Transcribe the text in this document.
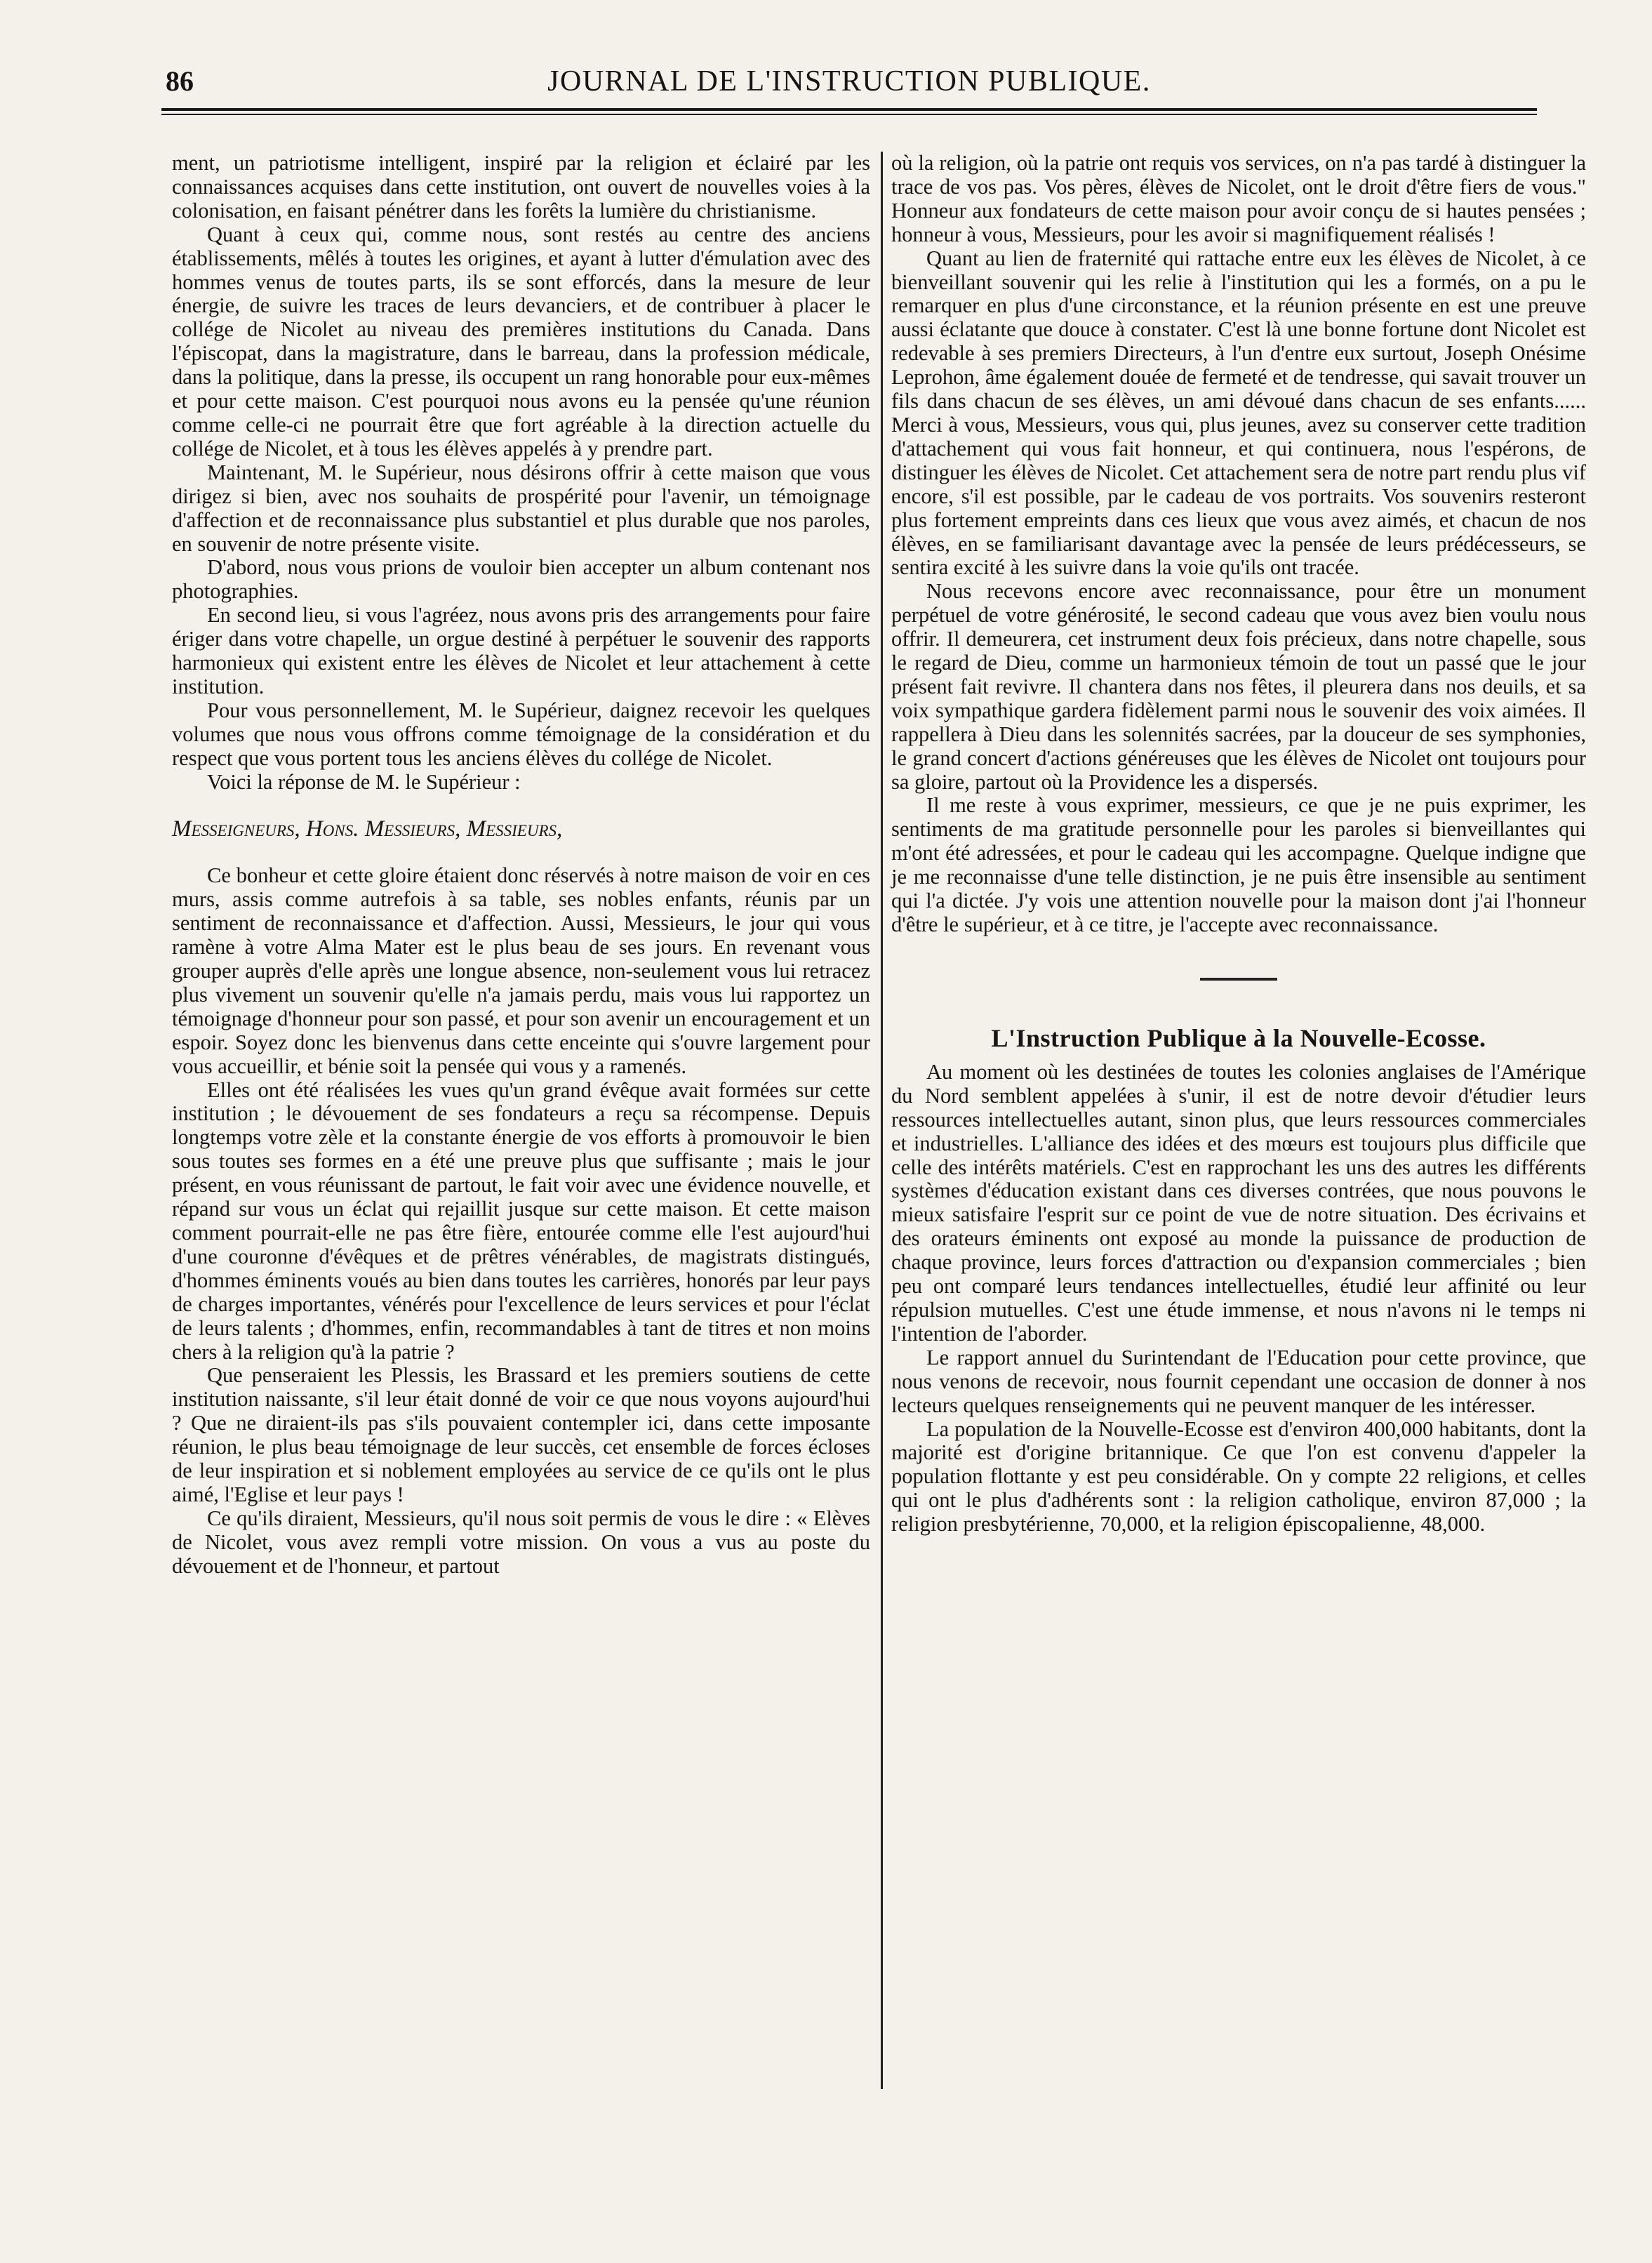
86	JOURNAL DE L'INSTRUCTION PUBLIQUE.

ment, un patriotisme intelligent, inspiré par la religion et éclairé par les connaissances acquises dans cette institution, ont ouvert de nouvelles voies à la colonisation, en faisant pénétrer dans les forêts la lumière du christianisme.

Quant à ceux qui, comme nous, sont restés au centre des anciens établissements, mêlés à toutes les origines, et ayant à lutter d'émulation avec des hommes venus de toutes parts, ils se sont efforcés, dans la mesure de leur énergie, de suivre les traces de leurs devanciers, et de contribuer à placer le collége de Nicolet au niveau des premières institutions du Canada. Dans l'épiscopat, dans la magistrature, dans le barreau, dans la profession médicale, dans la politique, dans la presse, ils occupent un rang honorable pour eux-mêmes et pour cette maison. C'est pourquoi nous avons eu la pensée qu'une réunion comme celle-ci ne pourrait être que fort agréable à la direction actuelle du collége de Nicolet, et à tous les élèves appelés à y prendre part.

Maintenant, M. le Supérieur, nous désirons offrir à cette maison que vous dirigez si bien, avec nos souhaits de prospérité pour l'avenir, un témoignage d'affection et de reconnaissance plus substantiel et plus durable que nos paroles, en souvenir de notre présente visite.

D'abord, nous vous prions de vouloir bien accepter un album contenant nos photographies.

En second lieu, si vous l'agréez, nous avons pris des arrangements pour faire ériger dans votre chapelle, un orgue destiné à perpétuer le souvenir des rapports harmonieux qui existent entre les élèves de Nicolet et leur attachement à cette institution.

Pour vous personnellement, M. le Supérieur, daignez recevoir les quelques volumes que nous vous offrons comme témoignage de la considération et du respect que vous portent tous les anciens élèves du collége de Nicolet.

Voici la réponse de M. le Supérieur :

Messeigneurs, Hons. Messieurs, Messieurs,

Ce bonheur et cette gloire étaient donc réservés à notre maison de voir en ces murs, assis comme autrefois à sa table, ses nobles enfants, réunis par un sentiment de reconnaissance et d'affection. Aussi, Messieurs, le jour qui vous ramène à votre Alma Mater est le plus beau de ses jours. En revenant vous grouper auprès d'elle après une longue absence, non-seulement vous lui retracez plus vivement un souvenir qu'elle n'a jamais perdu, mais vous lui rapportez un témoignage d'honneur pour son passé, et pour son avenir un encouragement et un espoir. Soyez donc les bienvenus dans cette enceinte qui s'ouvre largement pour vous accueillir, et bénie soit la pensée qui vous y a ramenés.

Elles ont été réalisées les vues qu'un grand évêque avait formées sur cette institution ; le dévouement de ses fondateurs a reçu sa récompense. Depuis longtemps votre zèle et la constante énergie de vos efforts à promouvoir le bien sous toutes ses formes en a été une preuve plus que suffisante ; mais le jour présent, en vous réunissant de partout, le fait voir avec une évidence nouvelle, et répand sur vous un éclat qui rejaillit jusque sur cette maison. Et cette maison comment pourrait-elle ne pas être fière, entourée comme elle l'est aujourd'hui d'une couronne d'évêques et de prêtres vénérables, de magistrats distingués, d'hommes éminents voués au bien dans toutes les carrières, honorés par leur pays de charges importantes, vénérés pour l'excellence de leurs services et pour l'éclat de leurs talents ; d'hommes, enfin, recommandables à tant de titres et non moins chers à la religion qu'à la patrie ?

Que penseraient les Plessis, les Brassard et les premiers soutiens de cette institution naissante, s'il leur était donné de voir ce que nous voyons aujourd'hui ? Que ne diraient-ils pas s'ils pouvaient contempler ici, dans cette imposante réunion, le plus beau témoignage de leur succès, cet ensemble de forces écloses de leur inspiration et si noblement employées au service de ce qu'ils ont le plus aimé, l'Eglise et leur pays !

Ce qu'ils diraient, Messieurs, qu'il nous soit permis de vous le dire : « Elèves de Nicolet, vous avez rempli votre mission. On vous a vus au poste du dévouement et de l'honneur, et partout

où la religion, où la patrie ont requis vos services, on n'a pas tardé à distinguer la trace de vos pas. Vos pères, élèves de Nicolet, ont le droit d'être fiers de vous." Honneur aux fondateurs de cette maison pour avoir conçu de si hautes pensées ; honneur à vous, Messieurs, pour les avoir si magnifiquement réalisés !

Quant au lien de fraternité qui rattache entre eux les élèves de Nicolet, à ce bienveillant souvenir qui les relie à l'institution qui les a formés, on a pu le remarquer en plus d'une circonstance, et la réunion présente en est une preuve aussi éclatante que douce à constater. C'est là une bonne fortune dont Nicolet est redevable à ses premiers Directeurs, à l'un d'entre eux surtout, Joseph Onésime Leprohon, âme également douée de fermeté et de tendresse, qui savait trouver un fils dans chacun de ses élèves, un ami dévoué dans chacun de ses enfants...... Merci à vous, Messieurs, vous qui, plus jeunes, avez su conserver cette tradition d'attachement qui vous fait honneur, et qui continuera, nous l'espérons, de distinguer les élèves de Nicolet. Cet attachement sera de notre part rendu plus vif encore, s'il est possible, par le cadeau de vos portraits. Vos souvenirs resteront plus fortement empreints dans ces lieux que vous avez aimés, et chacun de nos élèves, en se familiarisant davantage avec la pensée de leurs prédécesseurs, se sentira excité à les suivre dans la voie qu'ils ont tracée.

Nous recevons encore avec reconnaissance, pour être un monument perpétuel de votre générosité, le second cadeau que vous avez bien voulu nous offrir. Il demeurera, cet instrument deux fois précieux, dans notre chapelle, sous le regard de Dieu, comme un harmonieux témoin de tout un passé que le jour présent fait revivre. Il chantera dans nos fêtes, il pleurera dans nos deuils, et sa voix sympathique gardera fidèlement parmi nous le souvenir des voix aimées. Il rappellera à Dieu dans les solennités sacrées, par la douceur de ses symphonies, le grand concert d'actions généreuses que les élèves de Nicolet ont toujours pour sa gloire, partout où la Providence les a dispersés.

Il me reste à vous exprimer, messieurs, ce que je ne puis exprimer, les sentiments de ma gratitude personnelle pour les paroles si bienveillantes qui m'ont été adressées, et pour le cadeau qui les accompagne. Quelque indigne que je me reconnaisse d'une telle distinction, je ne puis être insensible au sentiment qui l'a dictée. J'y vois une attention nouvelle pour la maison dont j'ai l'honneur d'être le supérieur, et à ce titre, je l'accepte avec reconnaissance.

L'Instruction Publique à la Nouvelle-Ecosse.

Au moment où les destinées de toutes les colonies anglaises de l'Amérique du Nord semblent appelées à s'unir, il est de notre devoir d'étudier leurs ressources intellectuelles autant, sinon plus, que leurs ressources commerciales et industrielles. L'alliance des idées et des mœurs est toujours plus difficile que celle des intérêts matériels. C'est en rapprochant les uns des autres les différents systèmes d'éducation existant dans ces diverses contrées, que nous pouvons le mieux satisfaire l'esprit sur ce point de vue de notre situation. Des écrivains et des orateurs éminents ont exposé au monde la puissance de production de chaque province, leurs forces d'attraction ou d'expansion commerciales ; bien peu ont comparé leurs tendances intellectuelles, étudié leur affinité ou leur répulsion mutuelles. C'est une étude immense, et nous n'avons ni le temps ni l'intention de l'aborder.

Le rapport annuel du Surintendant de l'Education pour cette province, que nous venons de recevoir, nous fournit cependant une occasion de donner à nos lecteurs quelques renseignements qui ne peuvent manquer de les intéresser.

La population de la Nouvelle-Ecosse est d'environ 400,000 habitants, dont la majorité est d'origine britannique. Ce que l'on est convenu d'appeler la population flottante y est peu considérable. On y compte 22 religions, et celles qui ont le plus d'adhérents sont : la religion catholique, environ 87,000 ; la religion presbytérienne, 70,000, et la religion épiscopalienne, 48,000.
